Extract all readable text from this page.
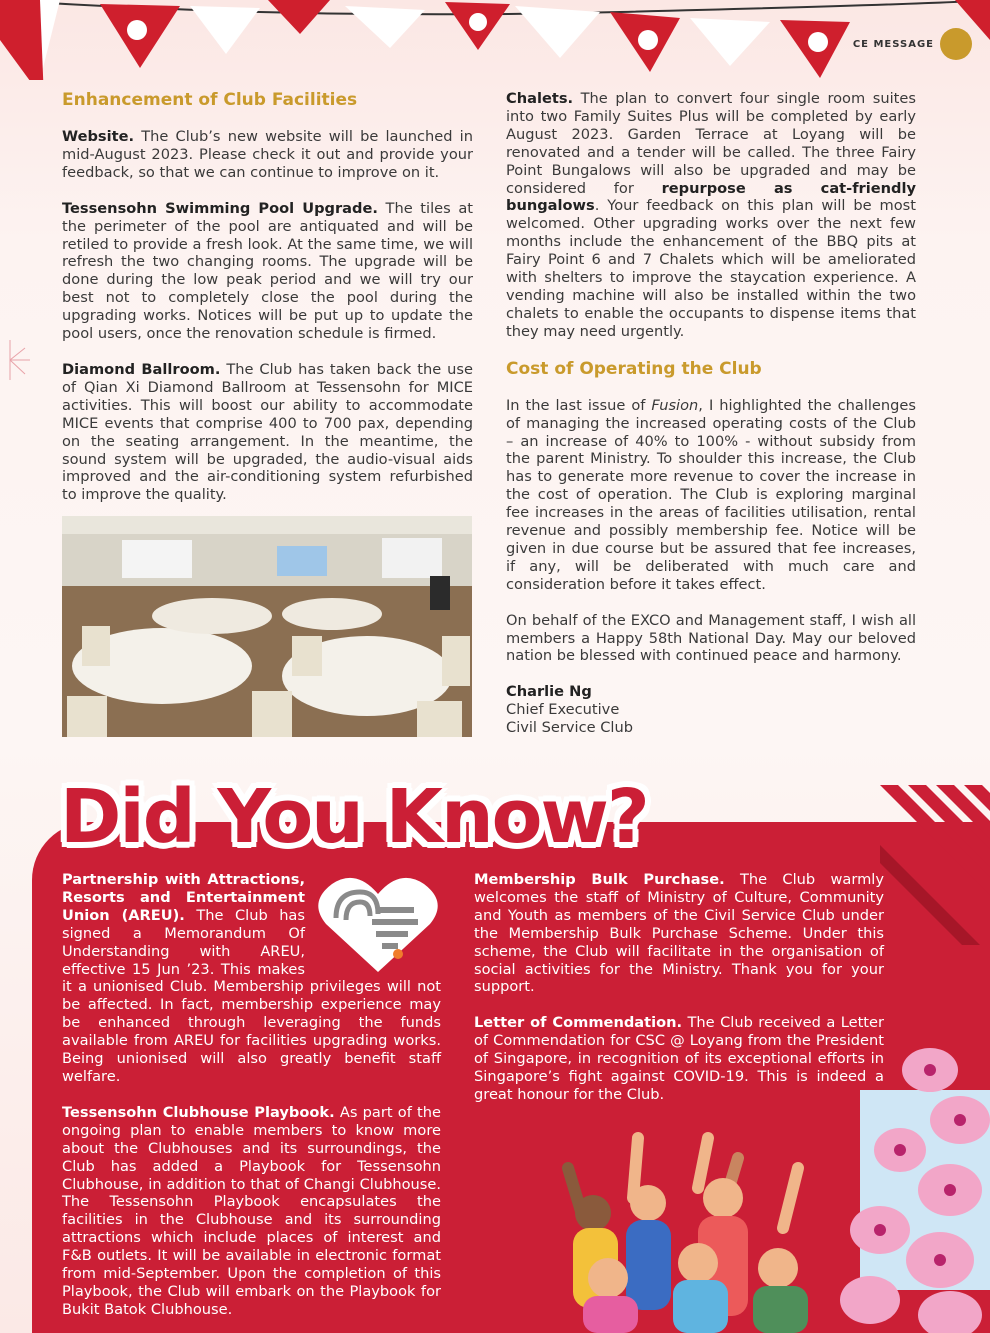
CE MESSAGE
Enhancement of Club Facilities

Website. The Club’s new website will be launched in mid-August 2023. Please check it out and provide your feedback, so that we can continue to improve on it.

Tessensohn Swimming Pool Upgrade. The tiles at the perimeter of the pool are antiquated and will be retiled to provide a fresh look. At the same time, we will refresh the two changing rooms. The upgrade will be done during the low peak period and we will try our best not to completely close the pool during the upgrading works. Notices will be put up to update the pool users, once the renovation schedule is firmed.

Diamond Ballroom. The Club has taken back the use of Qian Xi Diamond Ballroom at Tessensohn for MICE activities. This will boost our ability to accommodate MICE events that comprise 400 to 700 pax, depending on the seating arrangement. In the meantime, the sound system will be upgraded, the audio-visual aids improved and the air-conditioning system refurbished to improve the quality.

Chalets. The plan to convert four single room suites into two Family Suites Plus will be completed by early August 2023. Garden Terrace at Loyang will be renovated and a tender will be called. The three Fairy Point Bungalows will also be upgraded and may be considered for repurpose as cat-friendly bungalows. Your feedback on this plan will be most welcomed. Other upgrading works over the next few months include the enhancement of the BBQ pits at Fairy Point 6 and 7 Chalets which will be ameliorated with shelters to improve the staycation experience. A vending machine will also be installed within the two chalets to enable the occupants to dispense items that they may need urgently.

Cost of Operating the Club

In the last issue of Fusion, I highlighted the challenges of managing the increased operating costs of the Club – an increase of 40% to 100% - without subsidy from the parent Ministry. To shoulder this increase, the Club has to generate more revenue to cover the increase in the cost of operation. The Club is exploring marginal fee increases in the areas of facilities utilisation, rental revenue and possibly membership fee. Notice will be given in due course but be assured that fee increases, if any, will be deliberated with much care and consideration before it takes effect.

On behalf of the EXCO and Management staff, I wish all members a Happy 58th National Day. May our beloved nation be blessed with continued peace and harmony.

Charlie Ng
Chief Executive
Civil Service Club
Did You Know?

Partnership with Attractions, Resorts and Entertainment Union (AREU). The Club has signed a Memorandum Of Understanding with AREU, effective 15 Jun ’23. This makes it a unionised Club. Membership privileges will not be affected. In fact, membership experience may be enhanced through leveraging the funds available from AREU for facilities upgrading works. Being unionised will also greatly benefit staff welfare.

Tessensohn Clubhouse Playbook. As part of the ongoing plan to enable members to know more about the Clubhouses and its surroundings, the Club has added a Playbook for Tessensohn Clubhouse, in addition to that of Changi Clubhouse. The Tessensohn Playbook encapsulates the facilities in the Clubhouse and its surrounding attractions which include places of interest and F&B outlets. It will be available in electronic format from mid-September. Upon the completion of this Playbook, the Club will embark on the Playbook for Bukit Batok Clubhouse.

Membership Bulk Purchase. The Club warmly welcomes the staff of Ministry of Culture, Community and Youth as members of the Civil Service Club under the Membership Bulk Purchase Scheme. Under this scheme, the Club will facilitate in the organisation of social activities for the Ministry. Thank you for your support.

Letter of Commendation. The Club received a Letter of Commendation for CSC @ Loyang from the President of Singapore, in recognition of its exceptional efforts in Singapore’s fight against COVID-19. This is indeed a great honour for the Club.
